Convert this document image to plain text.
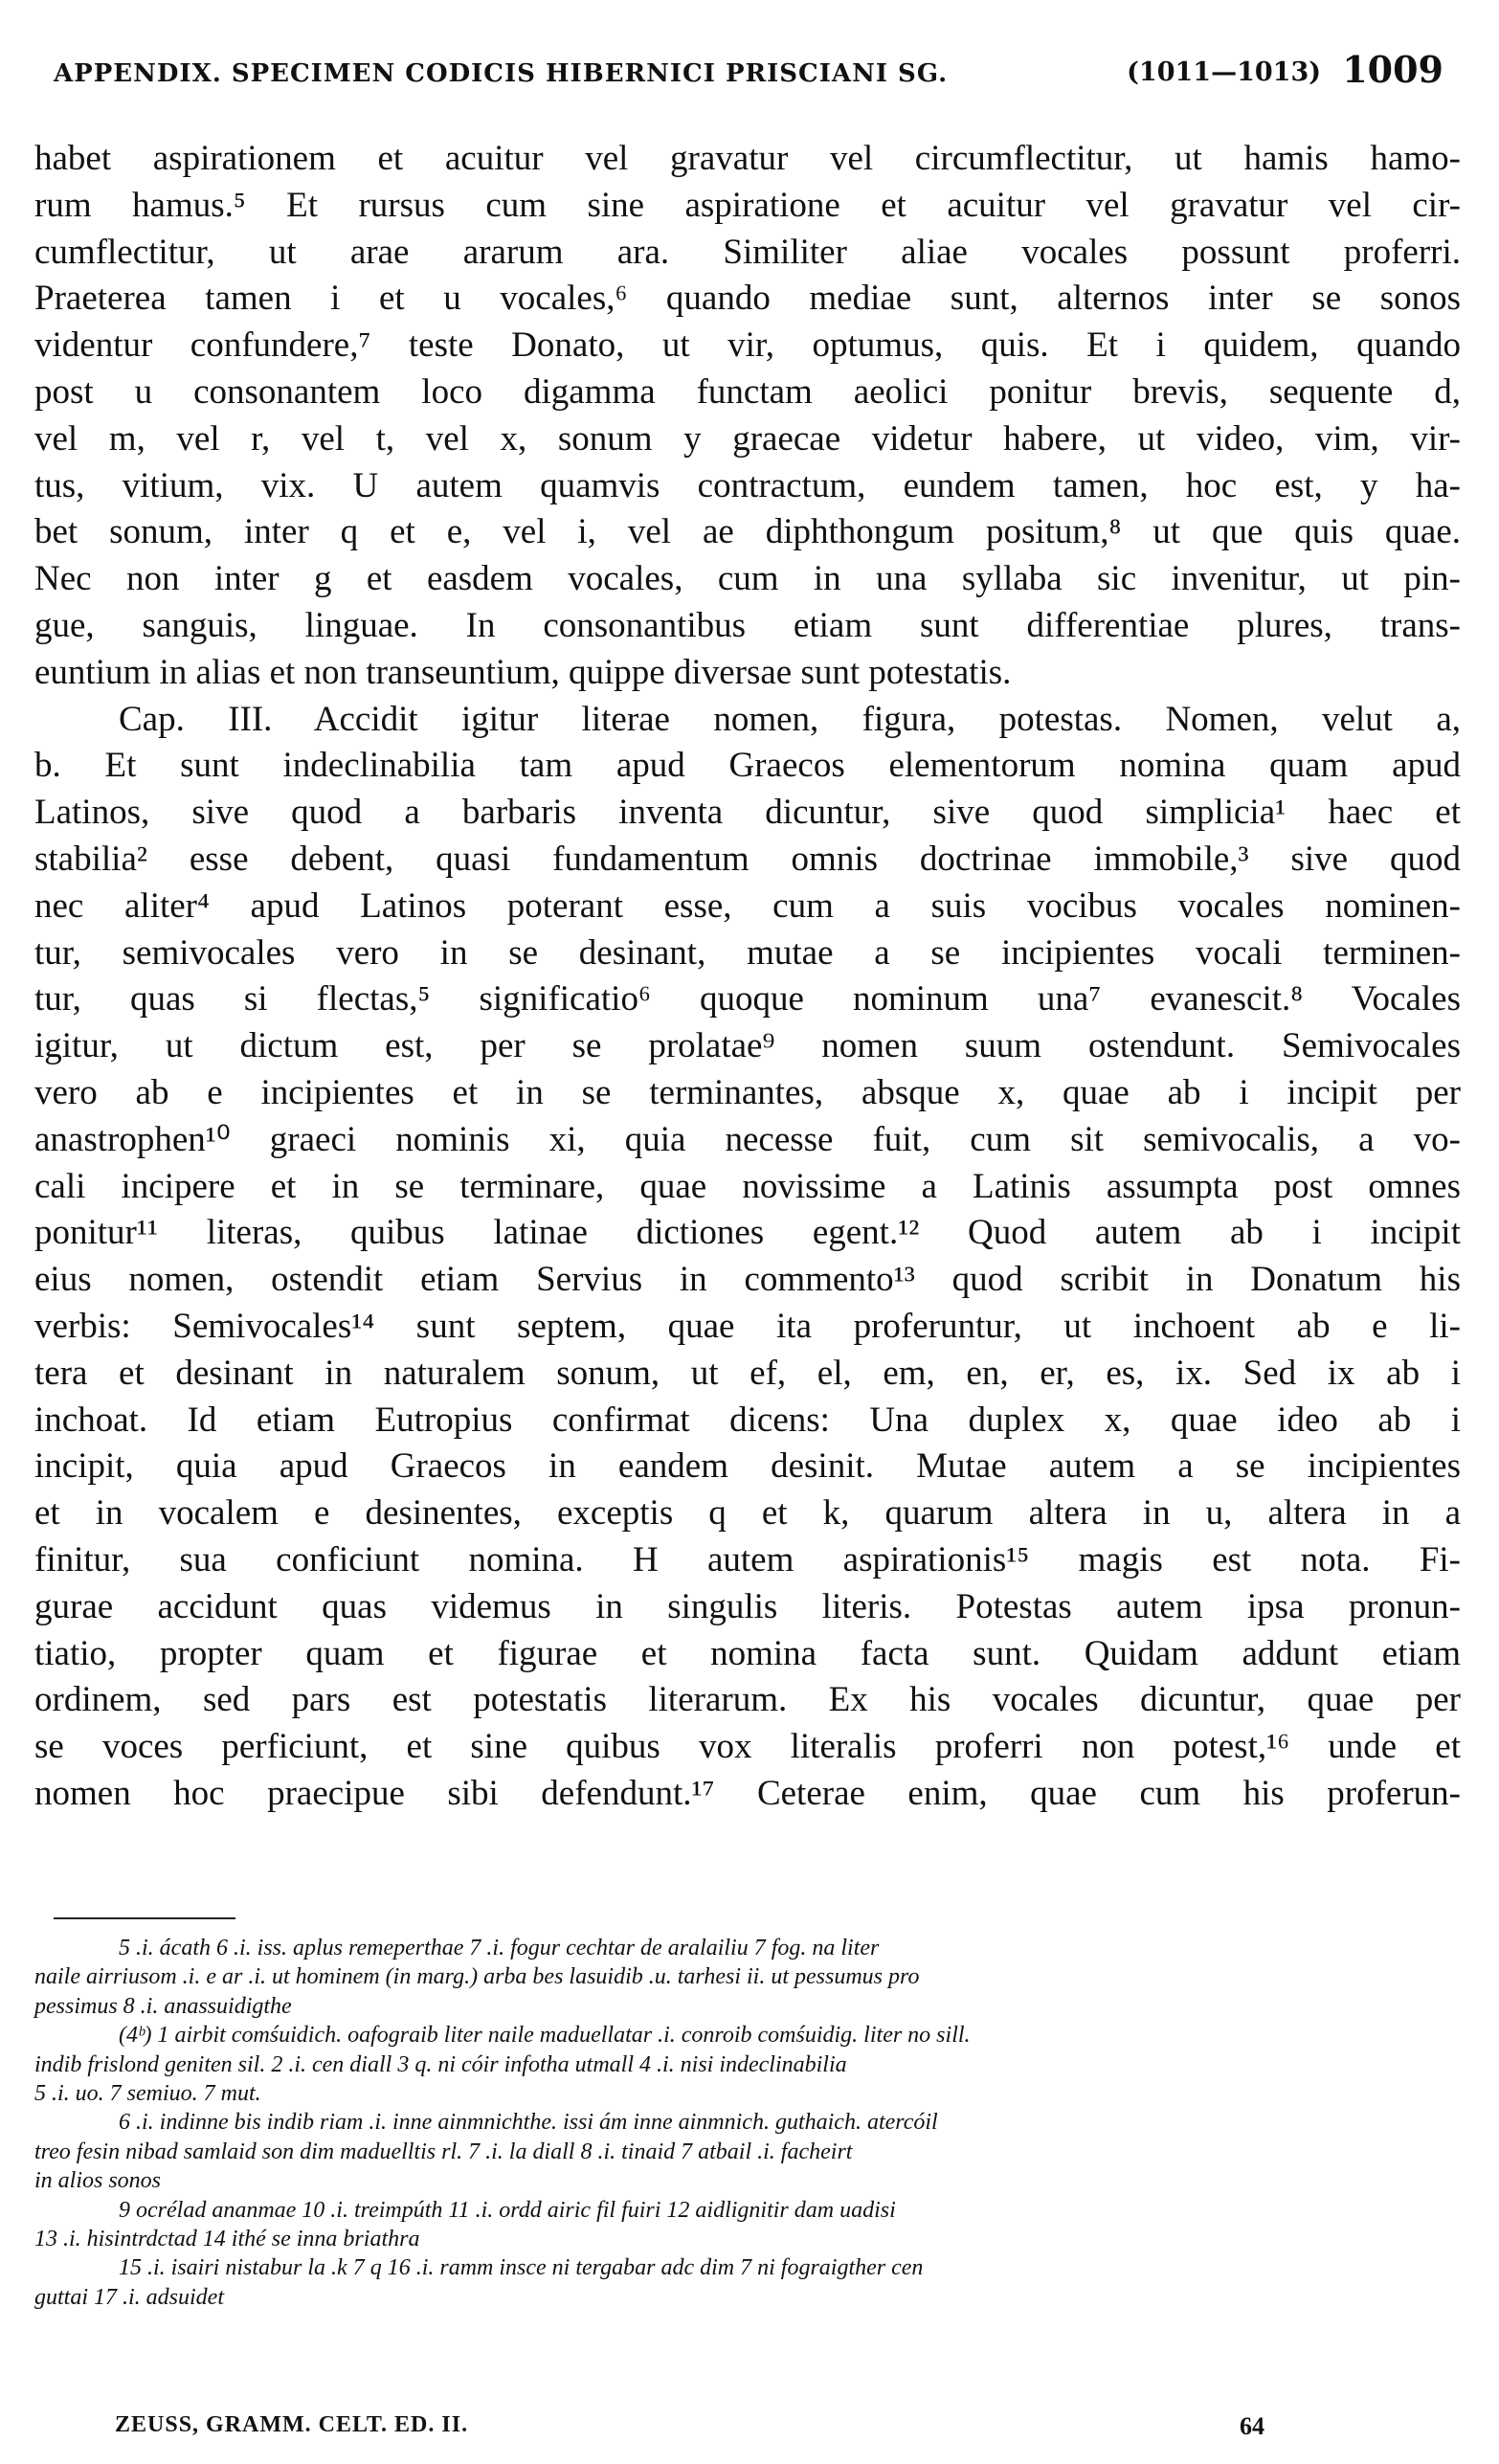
APPENDIX. SPECIMEN CODICIS HIBERNICI PRISCIANI SG.	(1011—1013) 1009
habet aspirationem et acuitur vel gravatur vel circumflectitur, ut hamis hamo-
rum hamus.⁵ Et rursus cum sine aspiratione et acuitur vel gravatur vel cir-
cumflectitur, ut arae ararum ara. Similiter aliae vocales possunt proferri.
Praeterea tamen i et u vocales,⁶ quando mediae sunt, alternos inter se sonos
videntur confundere,⁷ teste Donato, ut vir, optumus, quis. Et i quidem, quando
post u consonantem loco digamma functam aeolici ponitur brevis, sequente d,
vel m, vel r, vel t, vel x, sonum y graecae videtur habere, ut video, vim, vir-
tus, vitium, vix. U autem quamvis contractum, eundem tamen, hoc est, y ha-
bet sonum, inter q et e, vel i, vel ae diphthongum positum,⁸ ut que quis quae.
Nec non inter g et easdem vocales, cum in una syllaba sic invenitur, ut pin-
gue, sanguis, linguae. In consonantibus etiam sunt differentiae plures, trans-
euntium in alias et non transeuntium, quippe diversae sunt potestatis.
Cap. III. Accidit igitur literae nomen, figura, potestas. Nomen, velut a,
b. Et sunt indeclinabilia tam apud Graecos elementorum nomina quam apud
Latinos, sive quod a barbaris inventa dicuntur, sive quod simplicia¹ haec et
stabilia² esse debent, quasi fundamentum omnis doctrinae immobile,³ sive quod
nec aliter⁴ apud Latinos poterant esse, cum a suis vocibus vocales nominen-
tur, semivocales vero in se desinant, mutae a se incipientes vocali terminen-
tur, quas si flectas,⁵ significatio⁶ quoque nominum una⁷ evanescit.⁸ Vocales
igitur, ut dictum est, per se prolatae⁹ nomen suum ostendunt. Semivocales
vero ab e incipientes et in se terminantes, absque x, quae ab i incipit per
anastrophen¹⁰ graeci nominis xi, quia necesse fuit, cum sit semivocalis, a vo-
cali incipere et in se terminare, quae novissime a Latinis assumpta post omnes
ponitur¹¹ literas, quibus latinae dictiones egent.¹² Quod autem ab i incipit
eius nomen, ostendit etiam Servius in commento¹³ quod scribit in Donatum his
verbis: Semivocales¹⁴ sunt septem, quae ita proferuntur, ut inchoent ab e li-
tera et desinant in naturalem sonum, ut ef, el, em, en, er, es, ix. Sed ix ab i
inchoat. Id etiam Eutropius confirmat dicens: Una duplex x, quae ideo ab i
incipit, quia apud Graecos in eandem desinit. Mutae autem a se incipientes
et in vocalem e desinentes, exceptis q et k, quarum altera in u, altera in a
finitur, sua conficiunt nomina. H autem aspirationis¹⁵ magis est nota. Fi-
gurae accidunt quas videmus in singulis literis. Potestas autem ipsa pronun-
tiatio, propter quam et figurae et nomina facta sunt. Quidam addunt etiam
ordinem, sed pars est potestatis literarum. Ex his vocales dicuntur, quae per
se voces perficiunt, et sine quibus vox literalis proferri non potest,¹⁶ unde et
nomen hoc praecipue sibi defendunt.¹⁷ Ceterae enim, quae cum his proferun-
5 .i. ácath 6 .i. iss. aplus remeperthae 7 .i. fogur cechtar de aralailiu 7 fog. na liter
naile airriusom .i. e ar .i. ut hominem (in marg.) arba bes lasuidib .u. tarhesi ii. ut pessumus pro
pessimus 8 .i. anassuidigthe
(4ᵇ) 1 airbit comśuidich. oafograib liter naile maduellatar .i. conroib comśuidig. liter no sill.
indib frislond geniten sil. 2 .i. cen diall 3 q. ni cóir infotha utmall 4 .i. nisi indeclinabilia
5 .i. uo. 7 semiuo. 7 mut.
6 .i. indinne bis indib riam .i. inne ainmnichthe. issi ám inne ainmnich. guthaich. atercóil
treo fesin nibad samlaid son dim maduelltis rl. 7 .i. la diall 8 .i. tinaid 7 atbail .i. facheirt
in alios sonos
9 ocrélad ananmae 10 .i. treimpúth 11 .i. ordd airic fil fuiri 12 aidlignitir dam uadisi
13 .i. hisintrdctad 14 ithé se inna briathra
15 .i. isairi nistabur la .k 7 q 16 .i. ramm insce ni tergabar adc dim 7 ni fograigther cen
guttai 17 .i. adsuidet
ZEUSS, GRAMM. CELT. ED. II.	64
